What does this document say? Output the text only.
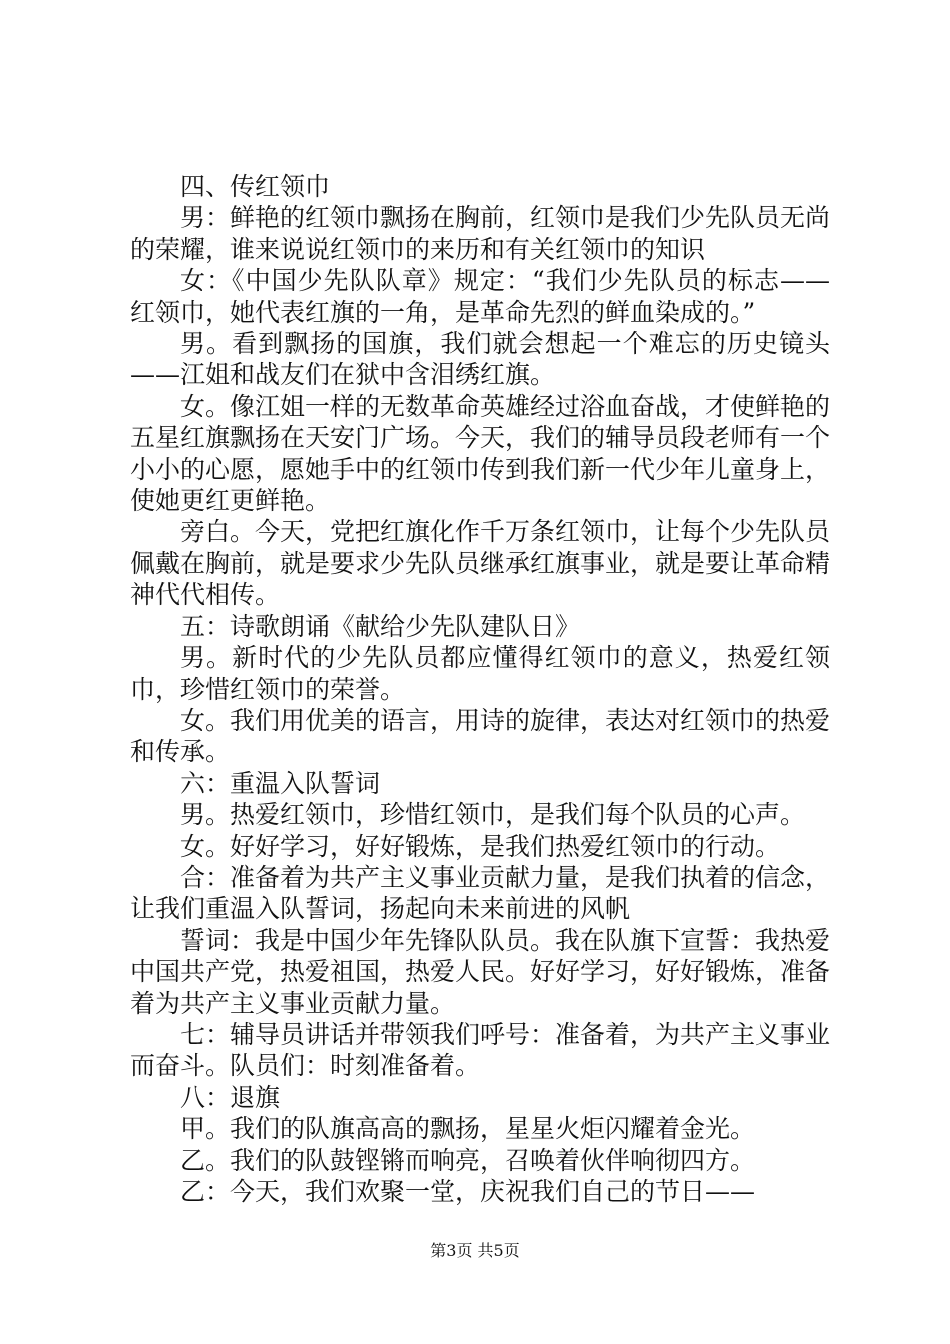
四、传红领巾

男：鲜艳的红领巾飘扬在胸前，红领巾是我们少先队员无尚的荣耀，谁来说说红领巾的来历和有关红领巾的知识

女：《中国少先队队章》规定：“我们少先队员的标志——红领巾，她代表红旗的一角，是革命先烈的鲜血染成的。”

男。看到飘扬的国旗，我们就会想起一个难忘的历史镜头——江姐和战友们在狱中含泪绣红旗。

女。像江姐一样的无数革命英雄经过浴血奋战，才使鲜艳的五星红旗飘扬在天安门广场。今天，我们的辅导员段老师有一个小小的心愿，愿她手中的红领巾传到我们新一代少年儿童身上，使她更红更鲜艳。

旁白。今天，党把红旗化作千万条红领巾，让每个少先队员佩戴在胸前，就是要求少先队员继承红旗事业，就是要让革命精神代代相传。

五：诗歌朗诵《献给少先队建队日》

男。新时代的少先队员都应懂得红领巾的意义，热爱红领巾，珍惜红领巾的荣誉。

女。我们用优美的语言，用诗的旋律，表达对红领巾的热爱和传承。

六：重温入队誓词

男。热爱红领巾，珍惜红领巾，是我们每个队员的心声。

女。好好学习，好好锻炼，是我们热爱红领巾的行动。

合：准备着为共产主义事业贡献力量，是我们执着的信念，让我们重温入队誓词，扬起向未来前进的风帆

誓词：我是中国少年先锋队队员。我在队旗下宣誓：我热爱中国共产党，热爱祖国，热爱人民。好好学习，好好锻炼，准备着为共产主义事业贡献力量。

七：辅导员讲话并带领我们呼号：准备着，为共产主义事业而奋斗。队员们：时刻准备着。

八：退旗

甲。我们的队旗高高的飘扬，星星火炬闪耀着金光。

乙。我们的队鼓铿锵而响亮，召唤着伙伴响彻四方。

乙：今天，我们欢聚一堂，庆祝我们自己的节日——

第3页 共5页
